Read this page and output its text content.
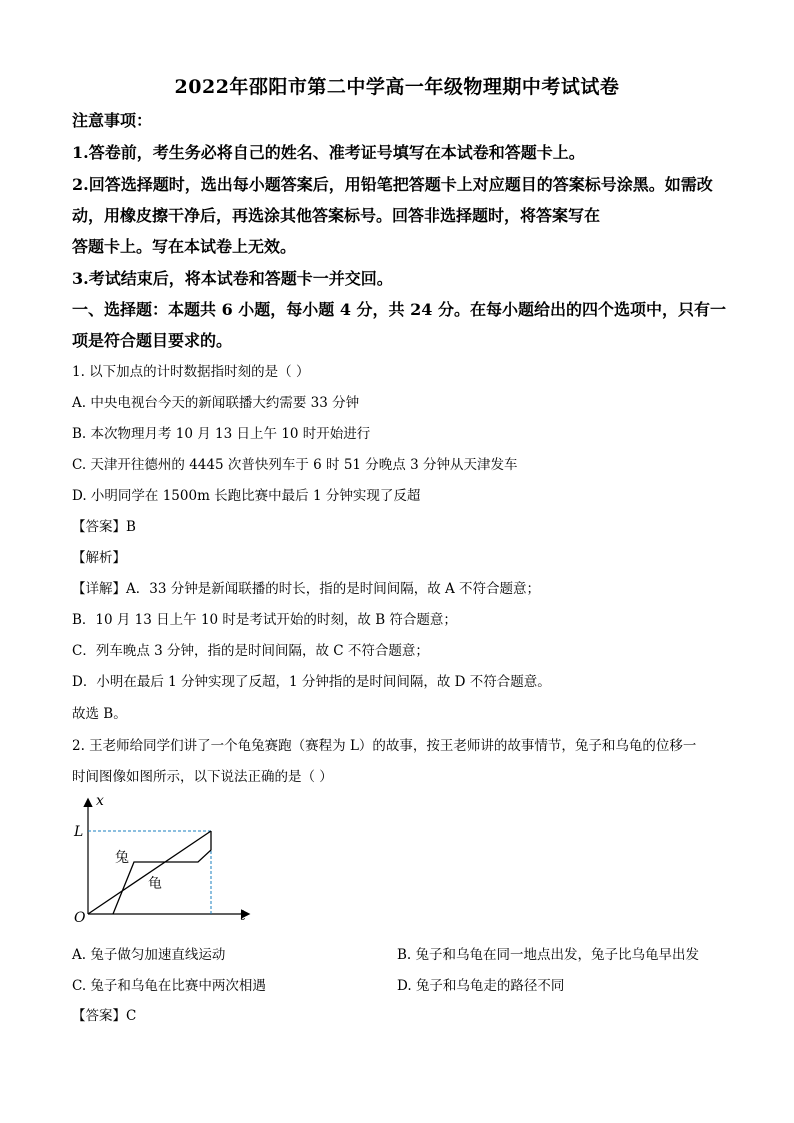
2022年邵阳市第二中学高一年级物理期中考试试卷
注意事项：
1.答卷前，考生务必将自己的姓名、准考证号填写在本试卷和答题卡上。
2.回答选择题时，选出每小题答案后，用铅笔把答题卡上对应题目的答案标号涂黑。如需改
动，用橡皮擦干净后，再选涂其他答案标号。回答非选择题时，将答案写在
答题卡上。写在本试卷上无效。
3.考试结束后，将本试卷和答题卡一并交回。
一、选择题：本题共 6 小题，每小题 4 分，共 24 分。在每小题给出的四个选项中，只有一
项是符合题目要求的。
1. 以下加点的计时数据指时刻的是（ ）
A. 中央电视台今天的新闻联播大约需要 33 分钟
B. 本次物理月考 10 月 13 日上午 10 时开始进行
C. 天津开往德州的 4445 次普快列车于 6 时 51 分晚点 3 分钟从天津发车
D. 小明同学在 1500m 长跑比赛中最后 1 分钟实现了反超
【答案】B
【解析】
【详解】A．33 分钟是新闻联播的时长，指的是时间间隔，故 A 不符合题意；
B．10 月 13 日上午 10 时是考试开始的时刻，故 B 符合题意；
C．列车晚点 3 分钟，指的是时间间隔，故 C 不符合题意；
D．小明在最后 1 分钟实现了反超，1 分钟指的是时间间隔，故 D 不符合题意。
故选 B。
2. 王老师给同学们讲了一个龟兔赛跑（赛程为 L）的故事，按王老师讲的故事情节，兔子和乌龟的位移一
时间图像如图所示，以下说法正确的是（ ）
x
t
O
L
兔
龟
A. 兔子做匀加速直线运动	B. 兔子和乌龟在同一地点出发，兔子比乌龟早出发
C. 兔子和乌龟在比赛中两次相遇	D. 兔子和乌龟走的路径不同
【答案】C
